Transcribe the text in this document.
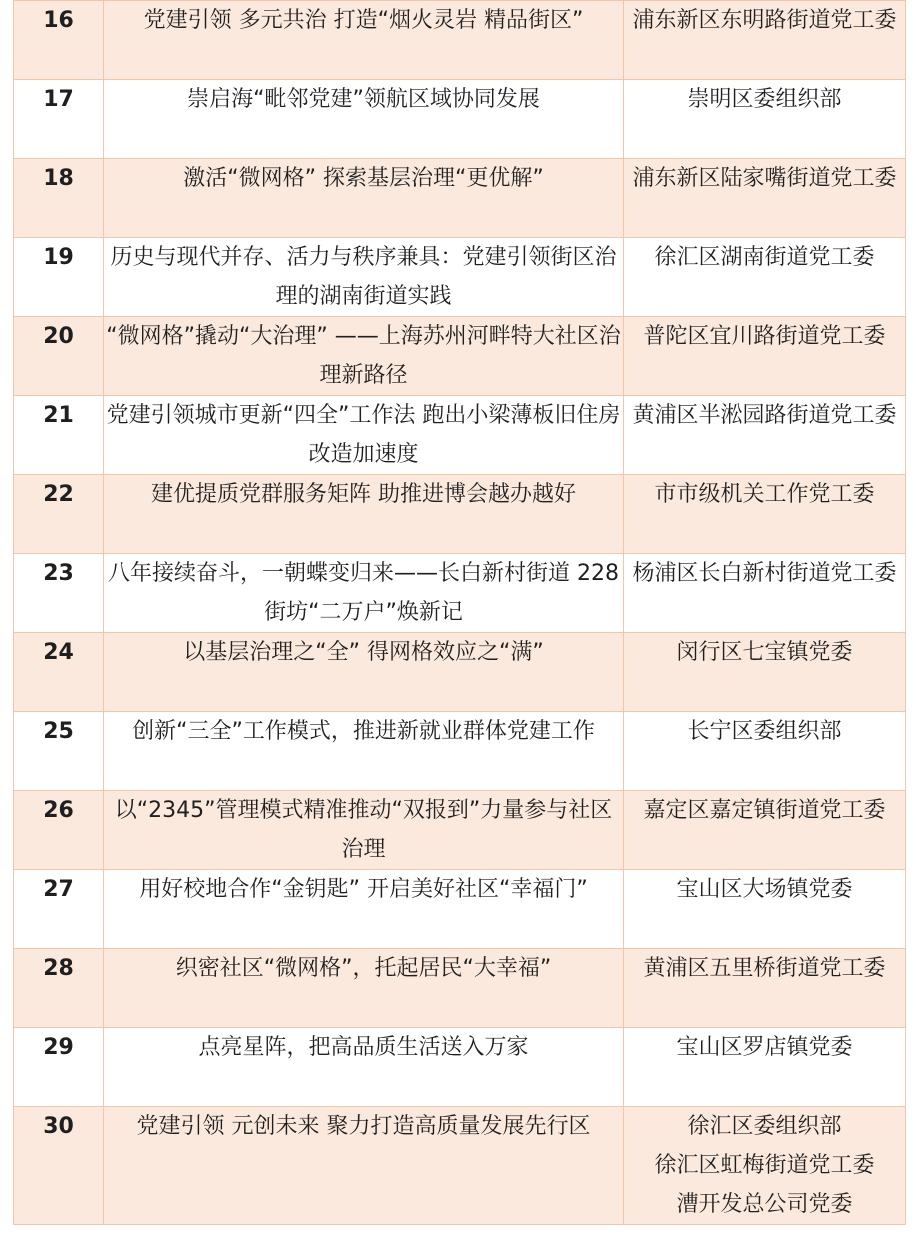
16	党建引领 多元共治 打造“烟火灵岩 精品街区”	浦东新区东明路街道党工委

17	崇启海“毗邻党建”领航区域协同发展	崇明区委组织部

18	激活“微网格” 探索基层治理“更优解”	浦东新区陆家嘴街道党工委

19	历史与现代并存、活力与秩序兼具：党建引领街区治理的湖南街道实践	徐汇区湖南街道党工委

20	“微网格”撬动“大治理” ——上海苏州河畔特大社区治理新路径	普陀区宜川路街道党工委

21	党建引领城市更新“四全”工作法 跑出小梁薄板旧住房改造加速度	黄浦区半淞园路街道党工委

22	建优提质党群服务矩阵 助推进博会越办越好	市市级机关工作党工委

23	八年接续奋斗，一朝蝶变归来——长白新村街道 228 街坊“二万户”焕新记	杨浦区长白新村街道党工委

24	以基层治理之“全” 得网格效应之“满”	闵行区七宝镇党委

25	创新“三全”工作模式，推进新就业群体党建工作	长宁区委组织部

26	以“2345”管理模式精准推动“双报到”力量参与社区治理	嘉定区嘉定镇街道党工委

27	用好校地合作“金钥匙” 开启美好社区“幸福门”	宝山区大场镇党委

28	织密社区“微网格”，托起居民“大幸福”	黄浦区五里桥街道党工委

29	点亮星阵，把高品质生活送入万家	宝山区罗店镇党委

30	党建引领 元创未来 聚力打造高质量发展先行区	徐汇区委组织部
徐汇区虹梅街道党工委
漕开发总公司党委
